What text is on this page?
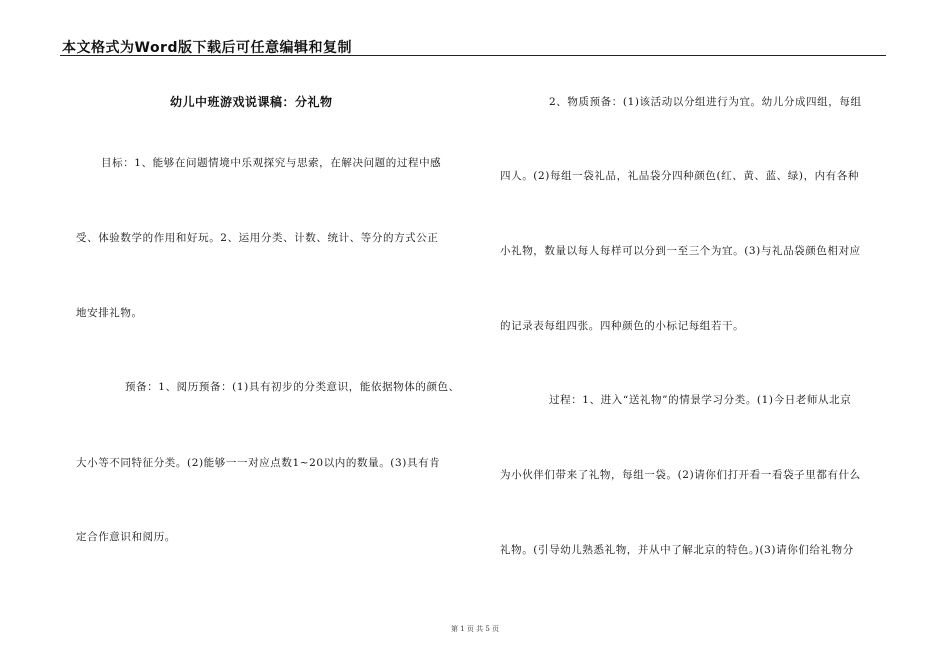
本文格式为Word版下载后可任意编辑和复制
幼儿中班游戏说课稿：分礼物
目标：1、能够在问题情境中乐观探究与思索，在解决问题的过程中感
受、体验数学的作用和好玩。2、运用分类、计数、统计、等分的方式公正
地安排礼物。
预备：1、阅历预备：(1)具有初步的分类意识，能依据物体的颜色、
大小等不同特征分类。(2)能够一一对应点数1~20以内的数量。(3)具有肯
定合作意识和阅历。
2、物质预备：(1)该活动以分组进行为宜。幼儿分成四组，每组
四人。(2)每组一袋礼品，礼品袋分四种颜色(红、黄、蓝、绿)，内有各种
小礼物，数量以每人每样可以分到一至三个为宜。(3)与礼品袋颜色相对应
的记录表每组四张。四种颜色的小标记每组若干。
过程：1、进入“送礼物”的情景学习分类。(1)今日老师从北京
为小伙伴们带来了礼物，每组一袋。(2)请你们打开看一看袋子里都有什么
礼物。(引导幼儿熟悉礼物，并从中了解北京的特色。)(3)请你们给礼物分
第 1 页 共 5 页
